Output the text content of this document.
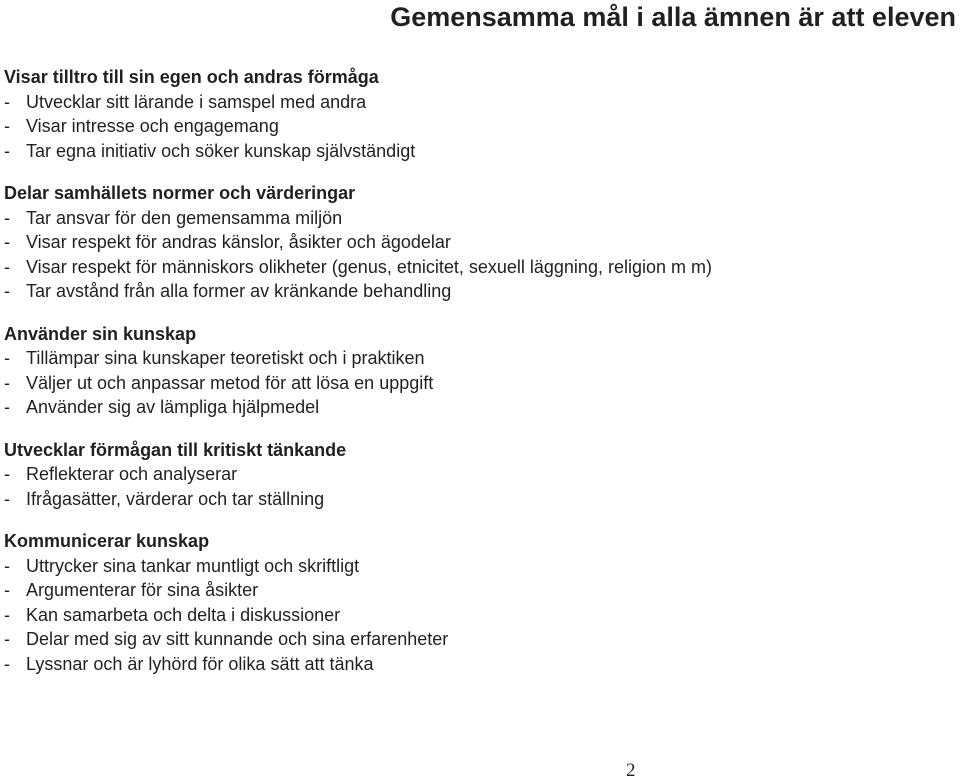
Gemensamma mål i alla ämnen är att eleven
Visar tilltro till sin egen och andras förmåga
- Utvecklar sitt lärande i samspel med andra
- Visar intresse och engagemang
- Tar egna initiativ och söker kunskap självständigt
Delar samhällets normer och värderingar
- Tar ansvar för den gemensamma miljön
- Visar respekt för andras känslor, åsikter och ägodelar
- Visar respekt för människors olikheter (genus, etnicitet, sexuell läggning, religion m m)
- Tar avstånd från alla former av kränkande behandling
Använder sin kunskap
- Tillämpar sina kunskaper teoretiskt och i praktiken
- Väljer ut och anpassar metod för att lösa en uppgift
- Använder sig av lämpliga hjälpmedel
Utvecklar förmågan till kritiskt tänkande
- Reflekterar och analyserar
- Ifrågasätter, värderar och tar ställning
Kommunicerar kunskap
- Uttrycker sina tankar muntligt och skriftligt
- Argumenterar för sina åsikter
- Kan samarbeta och delta i diskussioner
- Delar med sig av sitt kunnande och sina erfarenheter
- Lyssnar och är lyhörd för olika sätt att tänka
2
